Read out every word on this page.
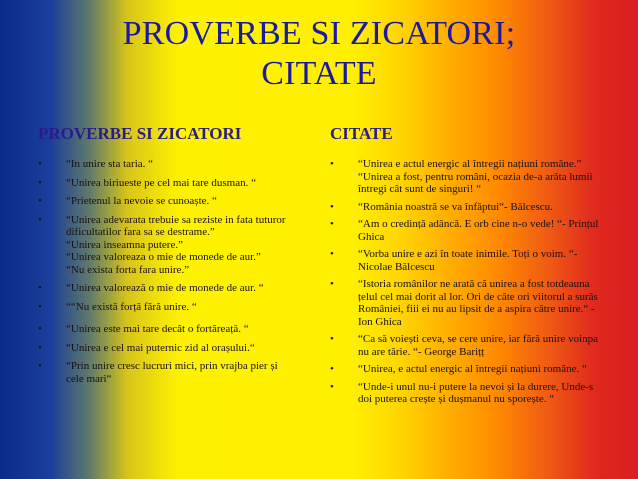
PROVERBE SI ZICATORI;
CITATE
PROVERBE SI ZICATORI
• “In unire sta taria. “
• “Unirea biriueste pe cel mai tare dusman. “
• “Prietenul la nevoie se cunoaște. “
• “Unirea adevarata trebuie sa reziste in fata tuturor dificultatilor fara sa se destrame.”
“Unirea inseamna putere.”
“Unirea valoreaza o mie de monede de aur.”
“Nu exista forta fara unire.”
• “Unirea valorează o mie de monede de aur. “
• ““Nu există forță fără unire. “
• “Unirea este mai tare decât o fortăreață. “
• “Unirea e cel mai puternic zid al orașului.“
• “Prin unire cresc lucruri mici, prin vrajba pier și cele mari“
CITATE
• “Unirea e actul energic al întregii națiuni române.”
“Unirea a fost, pentru români, ocazia de-a arăta lumii întregi cât sunt de singuri! “
• “România noastră se va înfăptui“- Bălcescu.
• “Am o credință adâncă. E orb cine n-o vede! “- Prințul Ghica
• “Vorba unire e azi în toate inimile. Toți o voim. “-Nicolae Bălcescu
• “Istoria românilor ne arată că unirea a fost totdeauna țelul cel mai dorit al lor. Ori de câte ori viitorul a surâs României, fiii ei nu au lipsit de a aspira către unire.“ -Ion Ghica
• “Ca să voiești ceva, se cere unire, iar fără unire voinpa nu are tărie. “- George Barițț
• “Unirea, e actul energic al întregii națiuni române. “
• “Unde-i unul nu-i putere la nevoi și la durere, Unde-s doi puterea crește și dușmanul nu sporește. “
